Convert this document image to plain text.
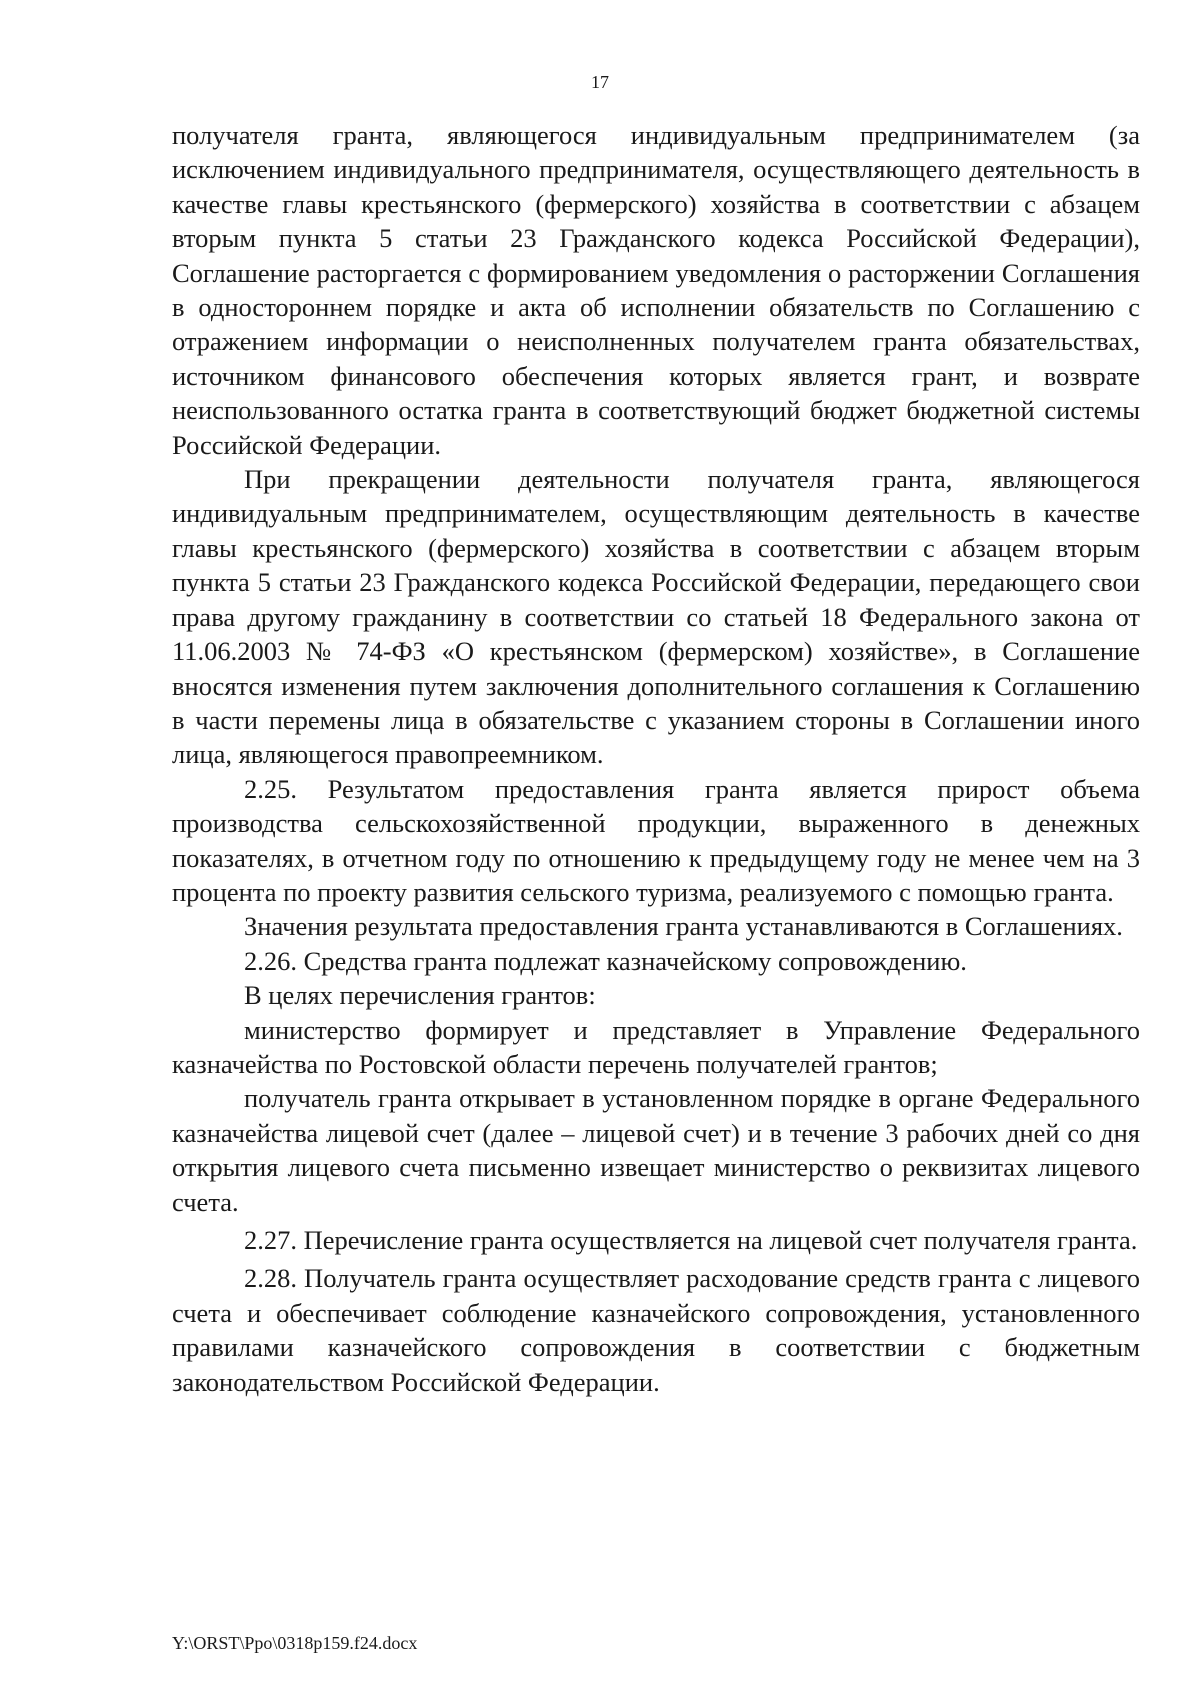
17

получателя гранта, являющегося индивидуальным предпринимателем (за исключением индивидуального предпринимателя, осуществляющего деятельность в качестве главы крестьянского (фермерского) хозяйства в соответствии с абзацем вторым пункта 5 статьи 23 Гражданского кодекса Российской Федерации), Соглашение расторгается с формированием уведомления о расторжении Соглашения в одностороннем порядке и акта об исполнении обязательств по Соглашению с отражением информации о неисполненных получателем гранта обязательствах, источником финансового обеспечения которых является грант, и возврате неиспользованного остатка гранта в соответствующий бюджет бюджетной системы Российской Федерации.

При прекращении деятельности получателя гранта, являющегося индивидуальным предпринимателем, осуществляющим деятельность в качестве главы крестьянского (фермерского) хозяйства в соответствии с абзацем вторым пункта 5 статьи 23 Гражданского кодекса Российской Федерации, передающего свои права другому гражданину в соответствии со статьей 18 Федерального закона от 11.06.2003 № 74-ФЗ «О крестьянском (фермерском) хозяйстве», в Соглашение вносятся изменения путем заключения дополнительного соглашения к Соглашению в части перемены лица в обязательстве с указанием стороны в Соглашении иного лица, являющегося правопреемником.

2.25. Результатом предоставления гранта является прирост объема производства сельскохозяйственной продукции, выраженного в денежных показателях, в отчетном году по отношению к предыдущему году не менее чем на 3 процента по проекту развития сельского туризма, реализуемого с помощью гранта.

Значения результата предоставления гранта устанавливаются в Соглашениях.

2.26. Средства гранта подлежат казначейскому сопровождению.

В целях перечисления грантов:

министерство формирует и представляет в Управление Федерального казначейства по Ростовской области перечень получателей грантов;

получатель гранта открывает в установленном порядке в органе Федерального казначейства лицевой счет (далее – лицевой счет) и в течение 3 рабочих дней со дня открытия лицевого счета письменно извещает министерство о реквизитах лицевого счета.

2.27. Перечисление гранта осуществляется на лицевой счет получателя гранта.

2.28. Получатель гранта осуществляет расходование средств гранта с лицевого счета и обеспечивает соблюдение казначейского сопровождения, установленного правилами казначейского сопровождения в соответствии с бюджетным законодательством Российской Федерации.

Y:\ORST\Ppo\0318p159.f24.docx
